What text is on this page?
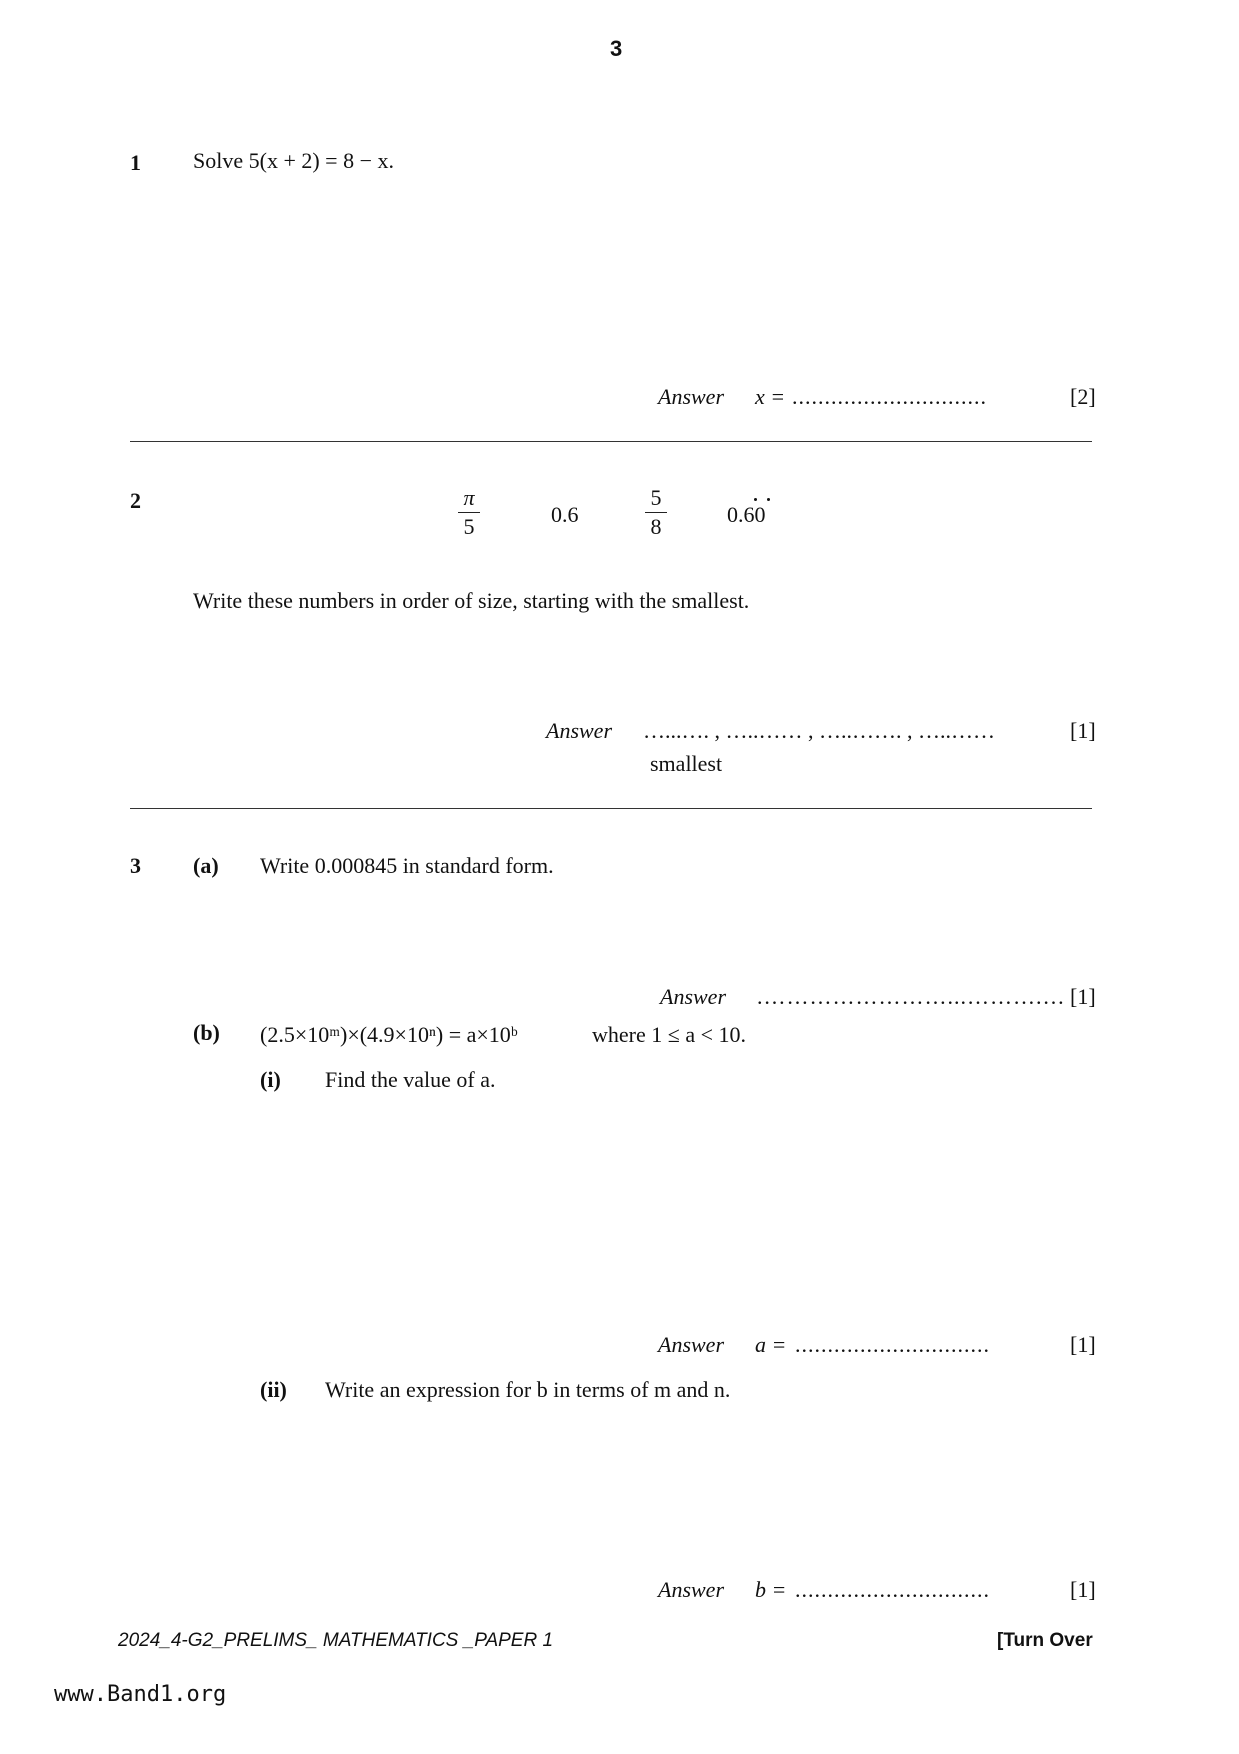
3
1 Solve 5(x + 2) = 8 − x.
Answer x = ..............................	[2]
2	π
5	0.6
5
8	0.60
Write these numbers in order of size, starting with the smallest.
Answer …...…. , …..…… , …..……. , …..……	[1]
smallest
3 (a) Write 0.000845 in standard form.
Answer .……………………...……….… [1]
(b) (2.5×10ᵐ)×(4.9×10ⁿ) = a×10ᵇ	where 1 ≤ a < 10.
(i) Find the value of a.
Answer a = ..............................	[1]
(ii) Write an expression for b in terms of m and n.
Answer b = ..............................	[1]
2024_4-G2_PRELIMS_ MATHEMATICS _PAPER 1	[Turn Over
www.Band1.org
